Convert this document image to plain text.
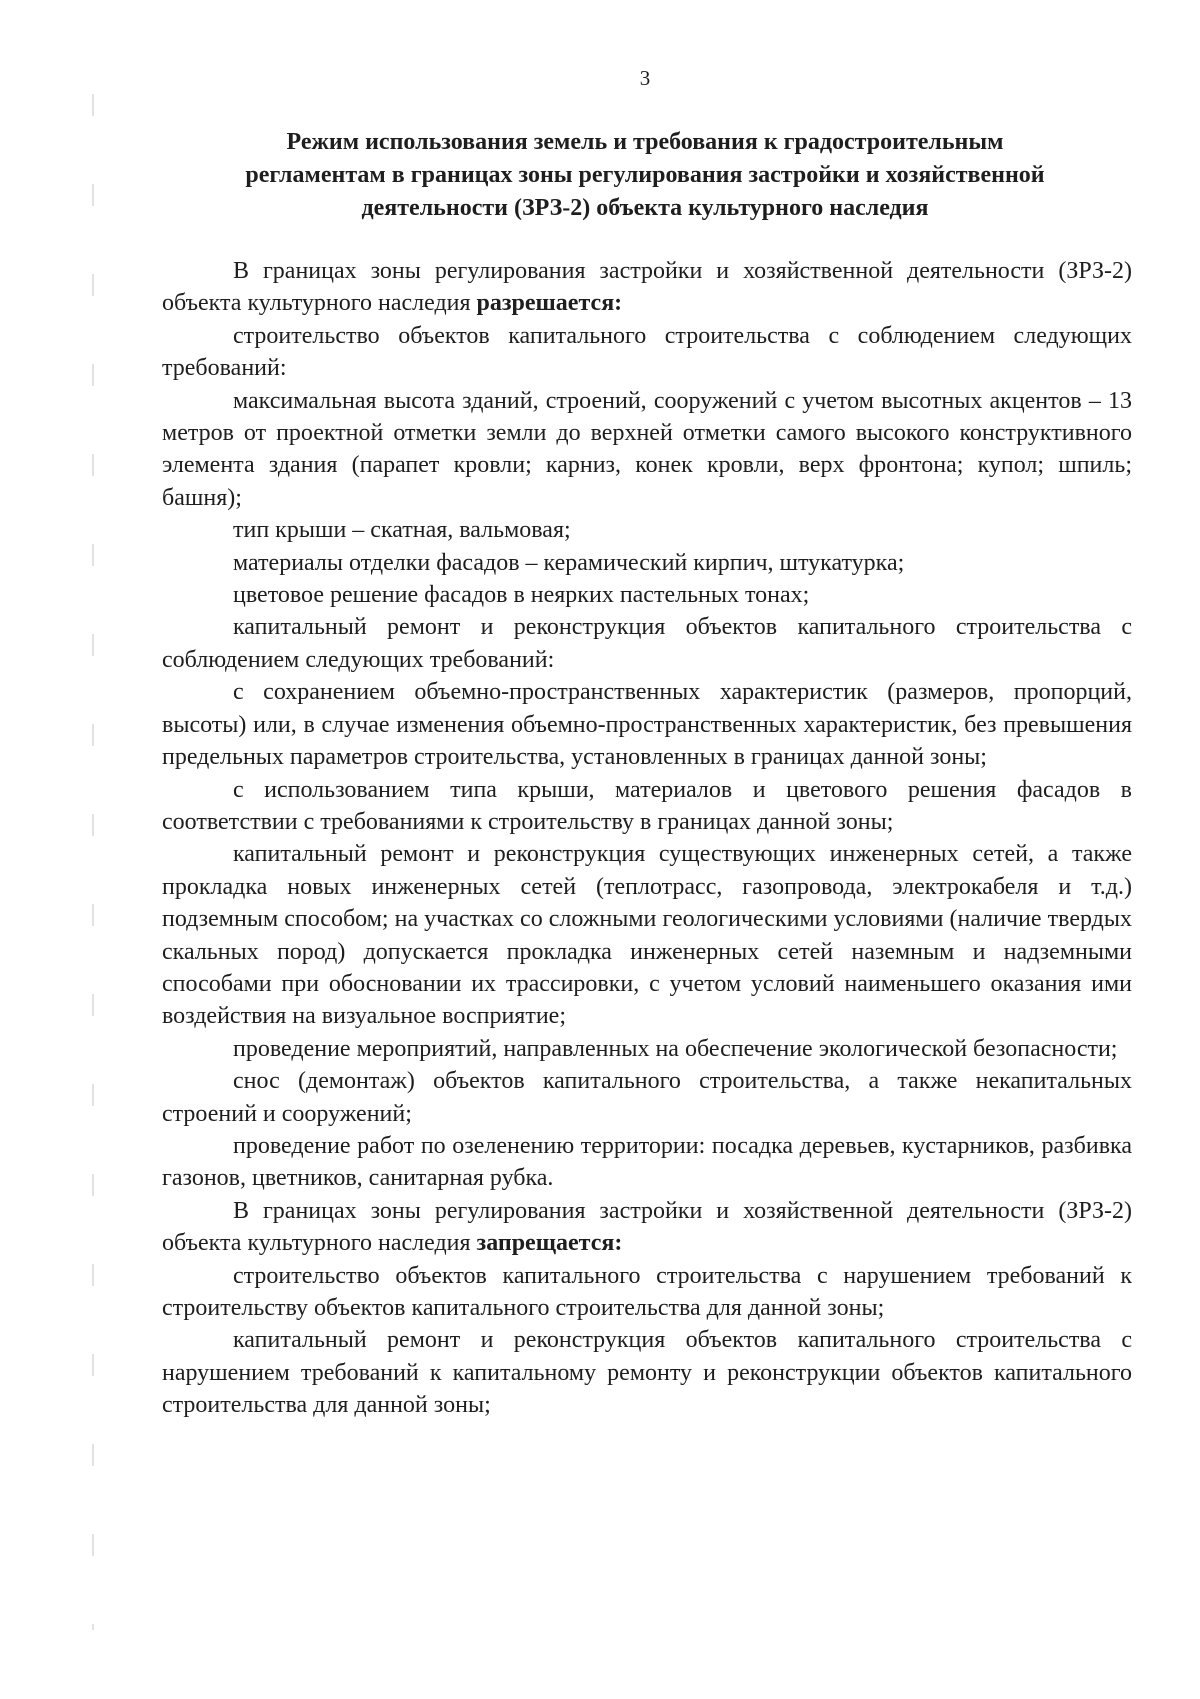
3
Режим использования земель и требования к градостроительным
регламентам в границах зоны регулирования застройки и хозяйственной
деятельности (ЗРЗ-2) объекта культурного наследия

В границах зоны регулирования застройки и хозяйственной деятельности (ЗРЗ-2) объекта культурного наследия разрешается:

строительство объектов капитального строительства с соблюдением следующих требований:

максимальная высота зданий, строений, сооружений с учетом высотных акцентов – 13 метров от проектной отметки земли до верхней отметки самого высокого конструктивного элемента здания (парапет кровли; карниз, конек кровли, верх фронтона; купол; шпиль; башня);

тип крыши – скатная, вальмовая;

материалы отделки фасадов – керамический кирпич, штукатурка;

цветовое решение фасадов в неярких пастельных тонах;

капитальный ремонт и реконструкция объектов капитального строительства с соблюдением следующих требований:

с сохранением объемно-пространственных характеристик (размеров, пропорций, высоты) или, в случае изменения объемно-пространственных характеристик, без превышения предельных параметров строительства, установленных в границах данной зоны;

с использованием типа крыши, материалов и цветового решения фасадов в соответствии с требованиями к строительству в границах данной зоны;

капитальный ремонт и реконструкция существующих инженерных сетей, а также прокладка новых инженерных сетей (теплотрасс, газопровода, электрокабеля и т.д.) подземным способом; на участках со сложными геологическими условиями (наличие твердых скальных пород) допускается прокладка инженерных сетей наземным и надземными способами при обосновании их трассировки, с учетом условий наименьшего оказания ими воздействия на визуальное восприятие;

проведение мероприятий, направленных на обеспечение экологической безопасности;

снос (демонтаж) объектов капитального строительства, а также некапитальных строений и сооружений;

проведение работ по озеленению территории: посадка деревьев, кустарников, разбивка газонов, цветников, санитарная рубка.

В границах зоны регулирования застройки и хозяйственной деятельности (ЗРЗ-2) объекта культурного наследия запрещается:

строительство объектов капитального строительства с нарушением требований к строительству объектов капитального строительства для данной зоны;

капитальный ремонт и реконструкция объектов капитального строительства с нарушением требований к капитальному ремонту и реконструкции объектов капитального строительства для данной зоны;
